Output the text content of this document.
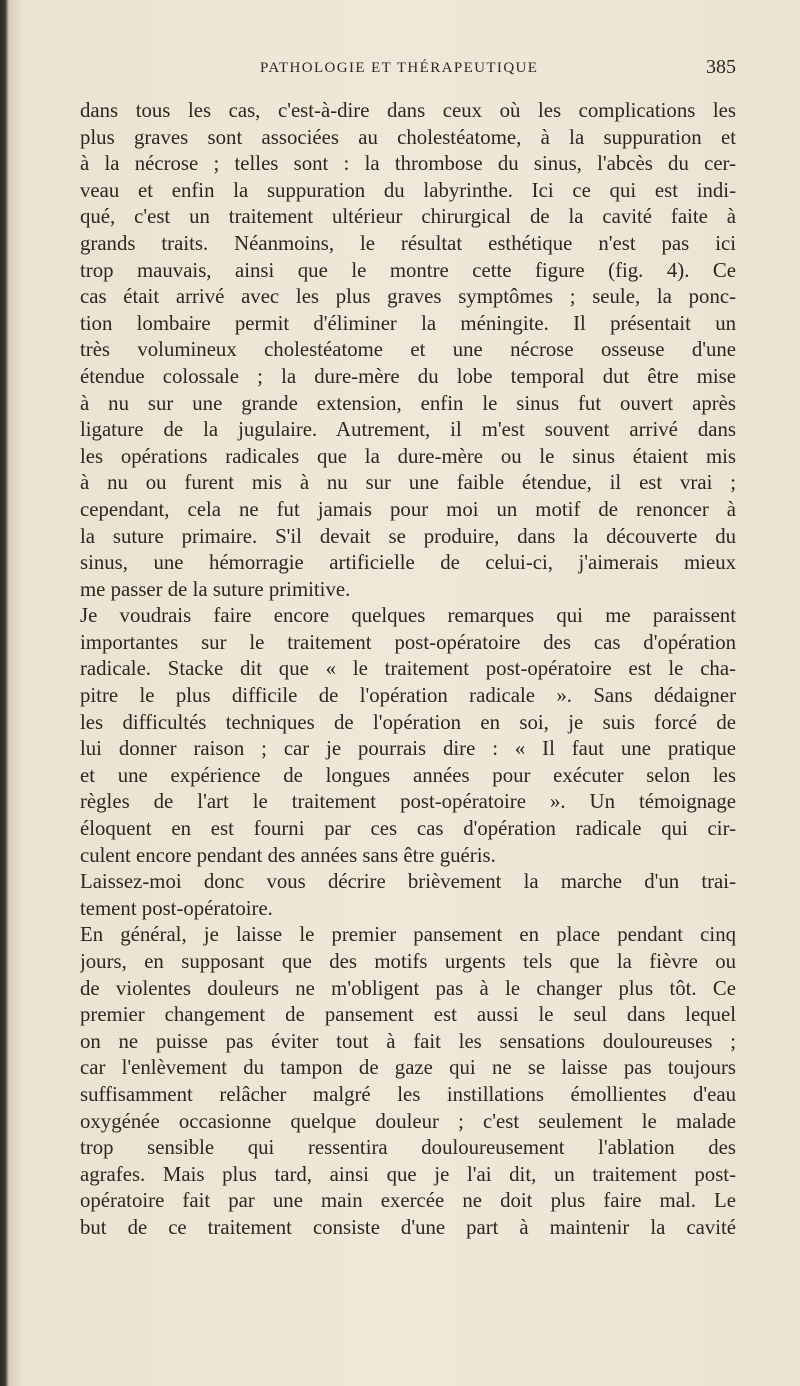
PATHOLOGIE ET THÉRAPEUTIQUE	385
dans tous les cas, c'est-à-dire dans ceux où les complications les
plus graves sont associées au cholestéatome, à la suppuration et
à la nécrose ; telles sont : la thrombose du sinus, l'abcès du cer-
veau et enfin la suppuration du labyrinthe. Ici ce qui est indi-
qué, c'est un traitement ultérieur chirurgical de la cavité faite à
grands traits. Néanmoins, le résultat esthétique n'est pas ici
trop mauvais, ainsi que le montre cette figure (fig. 4). Ce
cas était arrivé avec les plus graves symptômes ; seule, la ponc-
tion lombaire permit d'éliminer la méningite. Il présentait un
très volumineux cholestéatome et une nécrose osseuse d'une
étendue colossale ; la dure-mère du lobe temporal dut être mise
à nu sur une grande extension, enfin le sinus fut ouvert après
ligature de la jugulaire. Autrement, il m'est souvent arrivé dans
les opérations radicales que la dure-mère ou le sinus étaient mis
à nu ou furent mis à nu sur une faible étendue, il est vrai ;
cependant, cela ne fut jamais pour moi un motif de renoncer à
la suture primaire. S'il devait se produire, dans la découverte du
sinus, une hémorragie artificielle de celui-ci, j'aimerais mieux
me passer de la suture primitive.
Je voudrais faire encore quelques remarques qui me paraissent
importantes sur le traitement post-opératoire des cas d'opération
radicale. Stacke dit que « le traitement post-opératoire est le cha-
pitre le plus difficile de l'opération radicale ». Sans dédaigner
les difficultés techniques de l'opération en soi, je suis forcé de
lui donner raison ; car je pourrais dire : « Il faut une pratique
et une expérience de longues années pour exécuter selon les
règles de l'art le traitement post-opératoire ». Un témoignage
éloquent en est fourni par ces cas d'opération radicale qui cir-
culent encore pendant des années sans être guéris.
Laissez-moi donc vous décrire brièvement la marche d'un trai-
tement post-opératoire.
En général, je laisse le premier pansement en place pendant cinq
jours, en supposant que des motifs urgents tels que la fièvre ou
de violentes douleurs ne m'obligent pas à le changer plus tôt. Ce
premier changement de pansement est aussi le seul dans lequel
on ne puisse pas éviter tout à fait les sensations douloureuses ;
car l'enlèvement du tampon de gaze qui ne se laisse pas toujours
suffisamment relâcher malgré les instillations émollientes d'eau
oxygénée occasionne quelque douleur ; c'est seulement le malade
trop sensible qui ressentira douloureusement l'ablation des
agrafes. Mais plus tard, ainsi que je l'ai dit, un traitement post-
opératoire fait par une main exercée ne doit plus faire mal. Le
but de ce traitement consiste d'une part à maintenir la cavité
